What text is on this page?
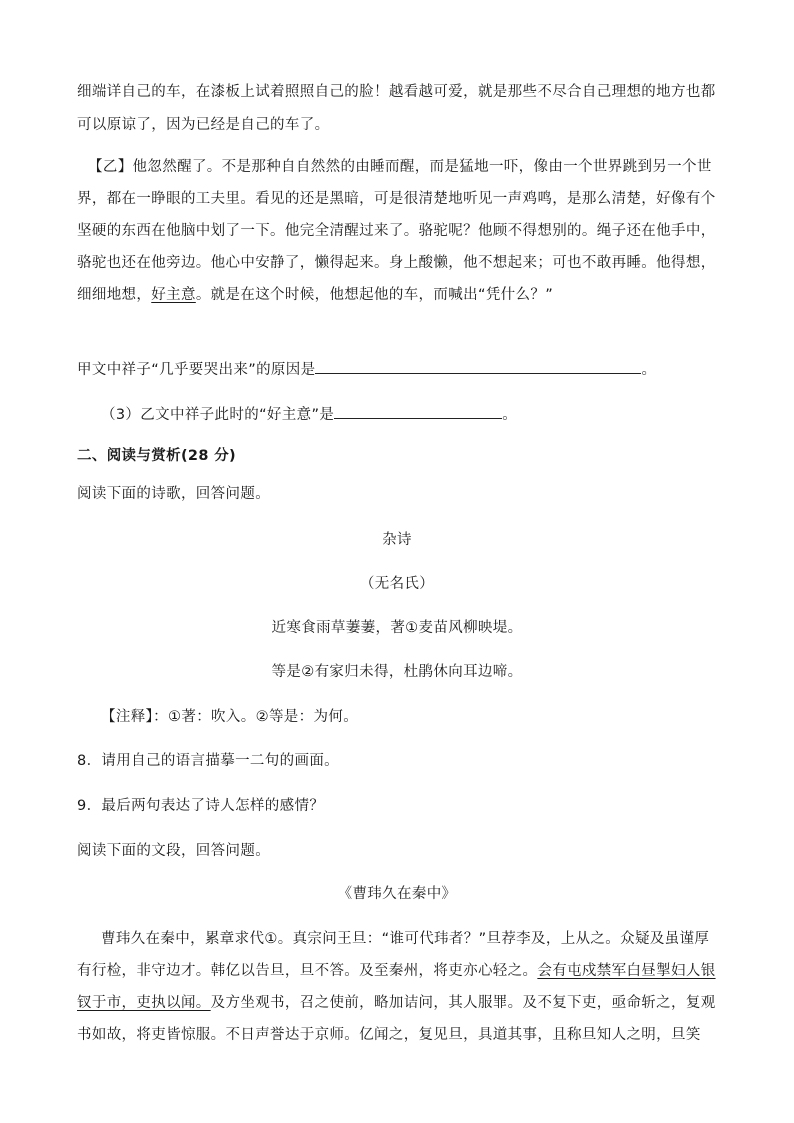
细端详自己的车，在漆板上试着照照自己的脸！越看越可爱，就是那些不尽合自己理想的地方也都
可以原谅了，因为已经是自己的车了。
【乙】他忽然醒了。不是那种自自然然的由睡而醒，而是猛地一吓，像由一个世界跳到另一个世
界，都在一睁眼的工夫里。看见的还是黑暗，可是很清楚地听见一声鸡鸣，是那么清楚，好像有个
坚硬的东西在他脑中划了一下。他完全清醒过来了。骆驼呢？他顾不得想别的。绳子还在他手中，
骆驼也还在他旁边。他心中安静了，懒得起来。身上酸懒，他不想起来；可也不敢再睡。他得想，
细细地想，好主意。就是在这个时候，他想起他的车，而喊出“凭什么？”
甲文中祥子“几乎要哭出来”的原因是	。
（3）乙文中祥子此时的“好主意”是	。
二、阅读与赏析(28 分)
阅读下面的诗歌，回答问题。
杂诗
（无名氏）
近寒食雨草萋萋，著①麦苗风柳映堤。
等是②有家归未得，杜鹃休向耳边啼。
【注释】：①著：吹入。②等是：为何。
8．请用自己的语言描摹一二句的画面。
9．最后两句表达了诗人怎样的感情？
阅读下面的文段，回答问题。
《曹玮久在秦中》
曹玮久在秦中，累章求代①。真宗问王旦：“谁可代玮者？”旦荐李及，上从之。众疑及虽谨厚
有行检，非守边才。韩亿以告旦，旦不答。及至秦州，将吏亦心轻之。会有屯戍禁军白昼掣妇人银
钗于市，吏执以闻。及方坐观书，召之使前，略加诘问，其人服罪。及不复下吏，亟命斩之，复观
书如故，将吏皆惊服。不日声誉达于京师。亿闻之，复见旦，具道其事，且称旦知人之明，旦笑
